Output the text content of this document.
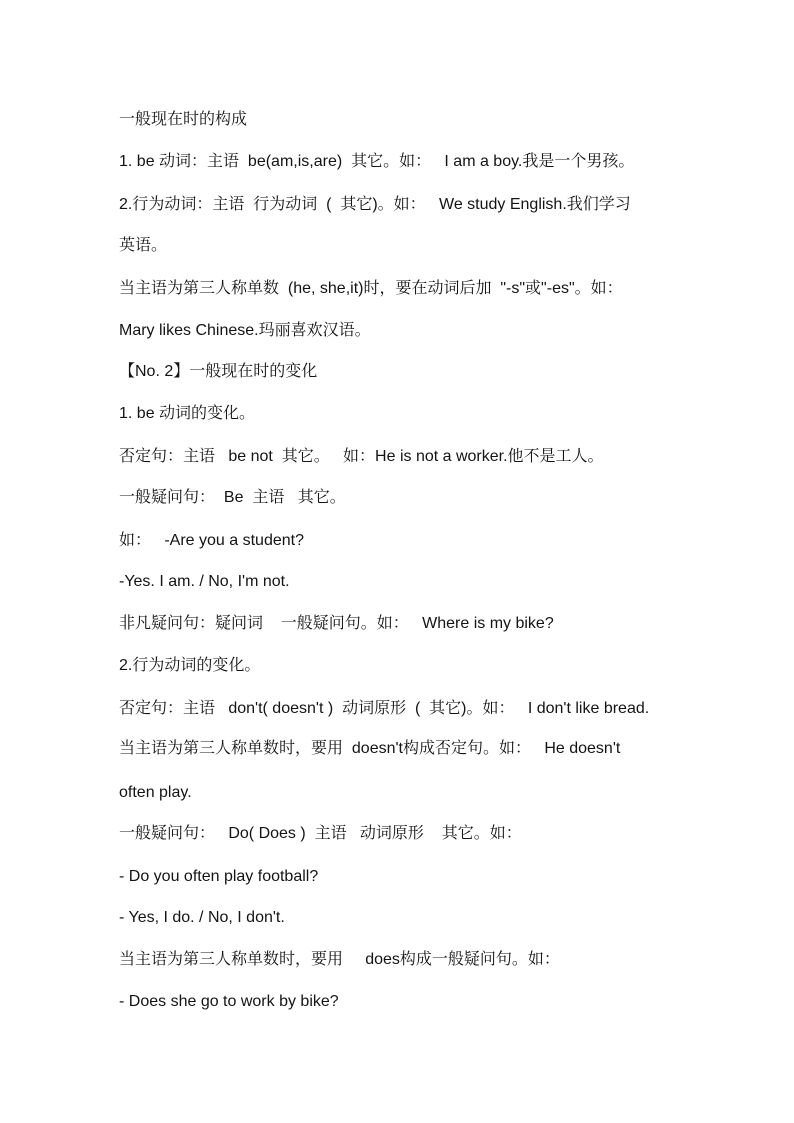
一般现在时的构成
1. be 动词：主语  be(am,is,are)  其它。如：   I am a boy.我是一个男孩。
2.行为动词：主语  行为动词  (  其它)。如：   We study English.我们学习
英语。
当主语为第三人称单数  (he, she,it)时，要在动词后加  "-s"或"-es"。如：
Mary likes Chinese.玛丽喜欢汉语。
【No. 2】一般现在时的变化
1. be 动词的变化。
否定句：主语   be not  其它。   如：He is not a worker.他不是工人。
一般疑问句：  Be  主语   其它。
如：   -Are you a student?
-Yes. I am. / No, I'm not.
非凡疑问句：疑问词    一般疑问句。如：   Where is my bike?
2.行为动词的变化。
否定句：主语   don't( doesn't )  动词原形  (  其它)。如：   I don't like bread.
当主语为第三人称单数时，要用  doesn't构成否定句。如：   He doesn't
often play.
一般疑问句：   Do( Does )  主语   动词原形    其它。如：
- Do you often play football?
- Yes, I do. / No, I don't.
当主语为第三人称单数时，要用     does构成一般疑问句。如：
- Does she go to work by bike?
